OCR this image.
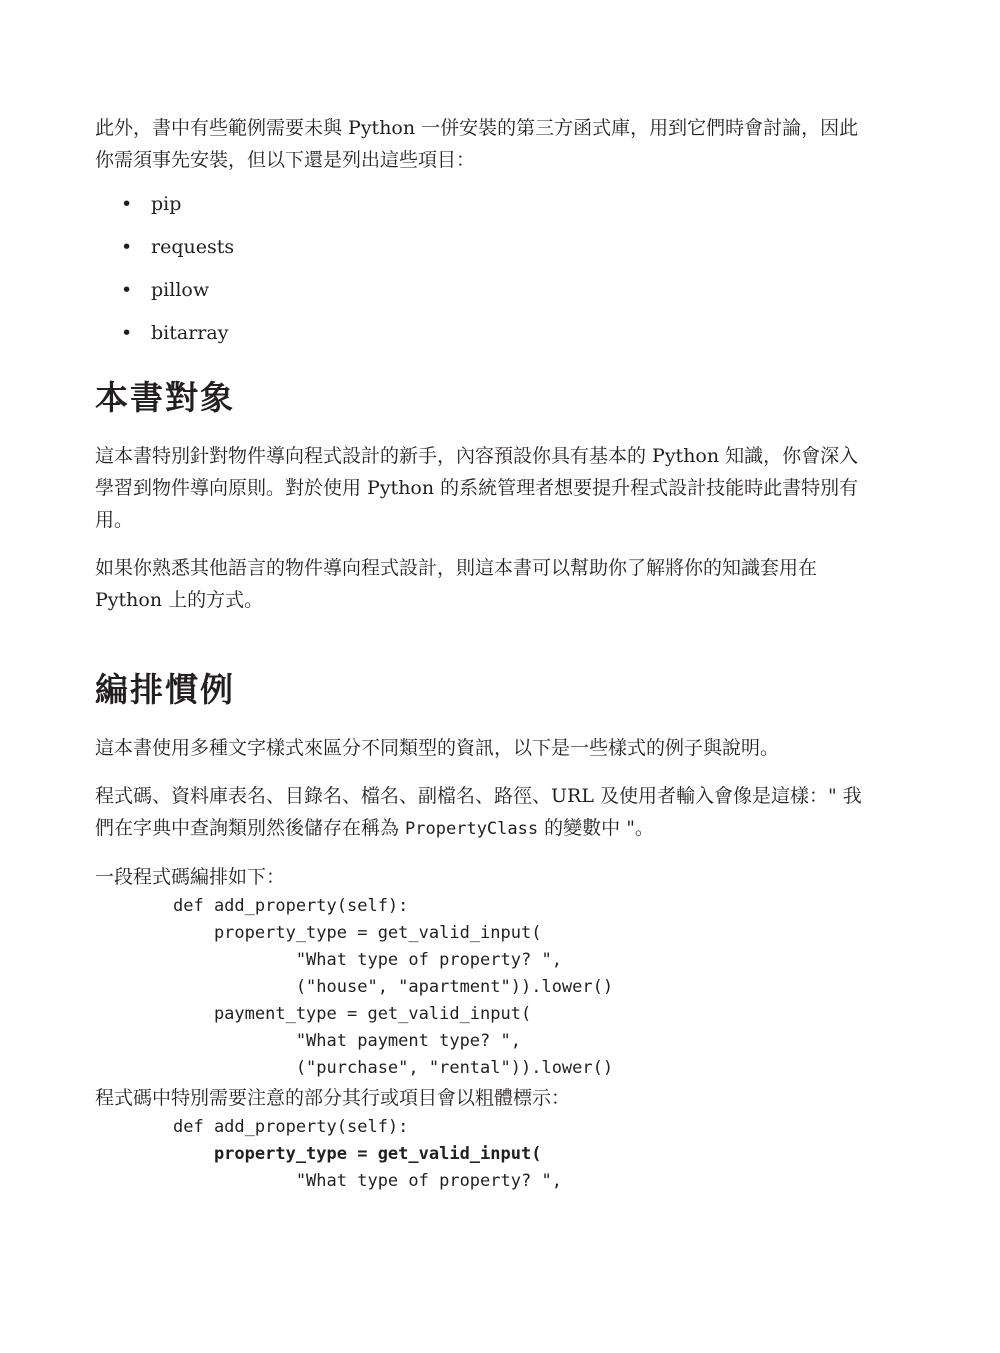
此外，書中有些範例需要未與 Python 一併安裝的第三方函式庫，用到它們時會討論，因此你需須事先安裝，但以下還是列出這些項目：

• pip
• requests
• pillow
• bitarray
本書對象

這本書特別針對物件導向程式設計的新手，內容預設你具有基本的 Python 知識，你會深入學習到物件導向原則。對於使用 Python 的系統管理者想要提升程式設計技能時此書特別有用。

如果你熟悉其他語言的物件導向程式設計，則這本書可以幫助你了解將你的知識套用在 Python 上的方式。

編排慣例

這本書使用多種文字樣式來區分不同類型的資訊，以下是一些樣式的例子與說明。

程式碼、資料庫表名、目錄名、檔名、副檔名、路徑、URL 及使用者輸入會像是這樣：" 我們在字典中查詢類別然後儲存在稱為 PropertyClass 的變數中 "。

一段程式碼編排如下：

def add_property(self):
property_type = get_valid_input(
"What type of property? ",
("house", "apartment")).lower()
payment_type = get_valid_input(
"What payment type? ",
("purchase", "rental")).lower()

程式碼中特別需要注意的部分其行或項目會以粗體標示：

def add_property(self):
property_type = get_valid_input(
"What type of property? ",
